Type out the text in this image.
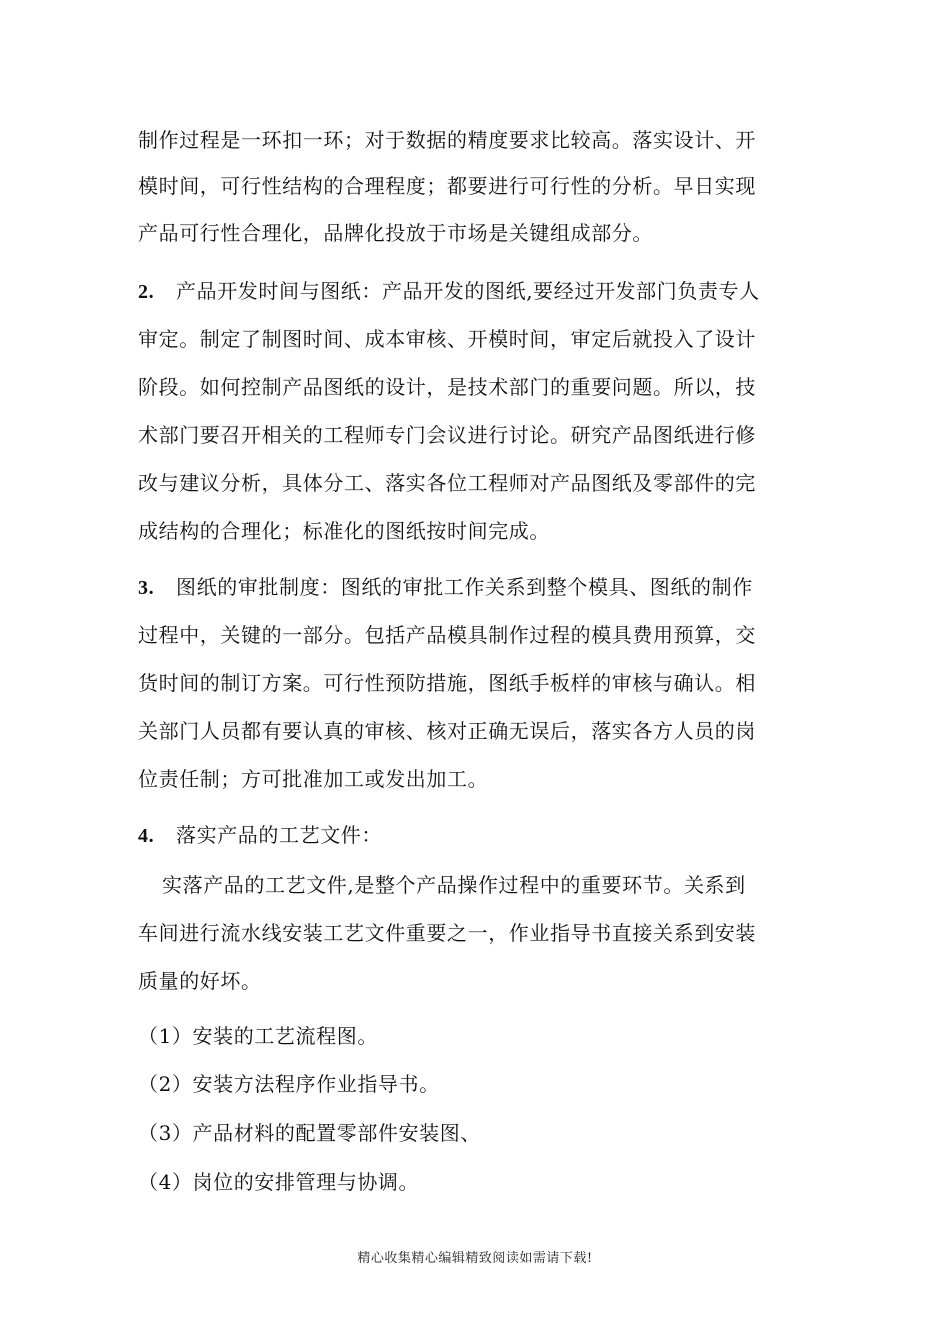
制作过程是一环扣一环；对于数据的精度要求比较高。落实设计、开
模时间，可行性结构的合理程度；都要进行可行性的分析。早日实现
产品可行性合理化，品牌化投放于市场是关键组成部分。
2. 产品开发时间与图纸：产品开发的图纸,要经过开发部门负责专人
审定。制定了制图时间、成本审核、开模时间，审定后就投入了设计
阶段。如何控制产品图纸的设计，是技术部门的重要问题。所以，技
术部门要召开相关的工程师专门会议进行讨论。研究产品图纸进行修
改与建议分析，具体分工、落实各位工程师对产品图纸及零部件的完
成结构的合理化；标准化的图纸按时间完成。
3. 图纸的审批制度：图纸的审批工作关系到整个模具、图纸的制作
过程中，关键的一部分。包括产品模具制作过程的模具费用预算，交
货时间的制订方案。可行性预防措施，图纸手板样的审核与确认。相
关部门人员都有要认真的审核、核对正确无误后，落实各方人员的岗
位责任制；方可批准加工或发出加工。
4. 落实产品的工艺文件：
实落产品的工艺文件,是整个产品操作过程中的重要环节。关系到
车间进行流水线安装工艺文件重要之一，作业指导书直接关系到安装
质量的好坏。
（1）安装的工艺流程图。
（2）安装方法程序作业指导书。
（3）产品材料的配置零部件安装图、
（4）岗位的安排管理与协调。
精心收集精心编辑精致阅读如需请下载!
